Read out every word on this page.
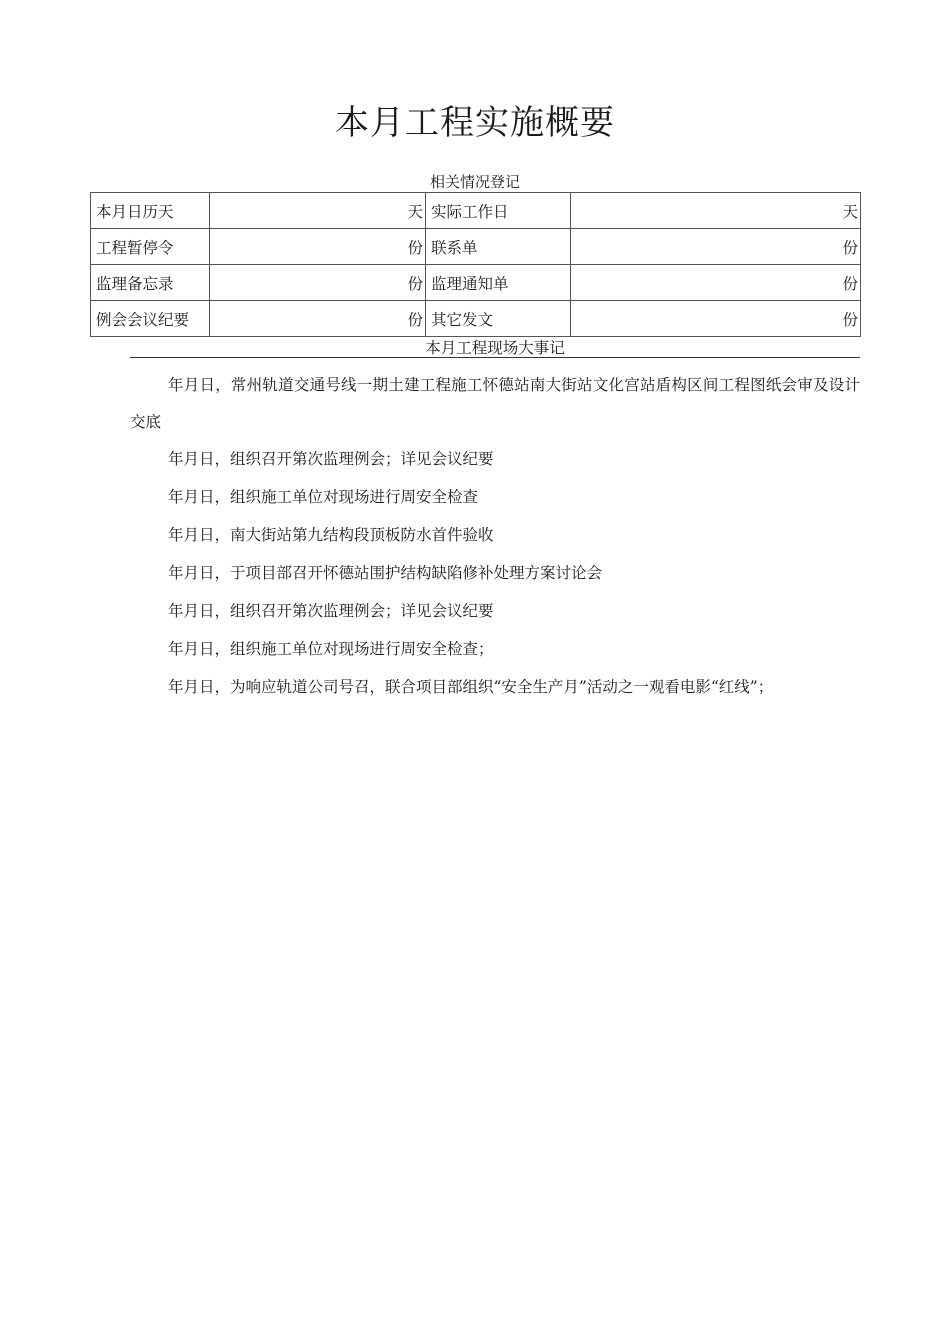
本月工程实施概要
相关情况登记
本月日历天	天	实际工作日	天
工程暂停令	份	联系单	份
监理备忘录	份	监理通知单	份
例会会议纪要	份	其它发文	份
本月工程现场大事记

年月日，常州轨道交通号线一期土建工程施工怀德站南大街站文化宫站盾构区间工程图纸会审及设计交底

年月日，组织召开第次监理例会；详见会议纪要

年月日，组织施工单位对现场进行周安全检查

年月日，南大街站第九结构段顶板防水首件验收

年月日，于项目部召开怀德站围护结构缺陷修补处理方案讨论会

年月日，组织召开第次监理例会；详见会议纪要

年月日，组织施工单位对现场进行周安全检查；

年月日，为响应轨道公司号召，联合项目部组织“安全生产月”活动之一观看电影“红线”；
